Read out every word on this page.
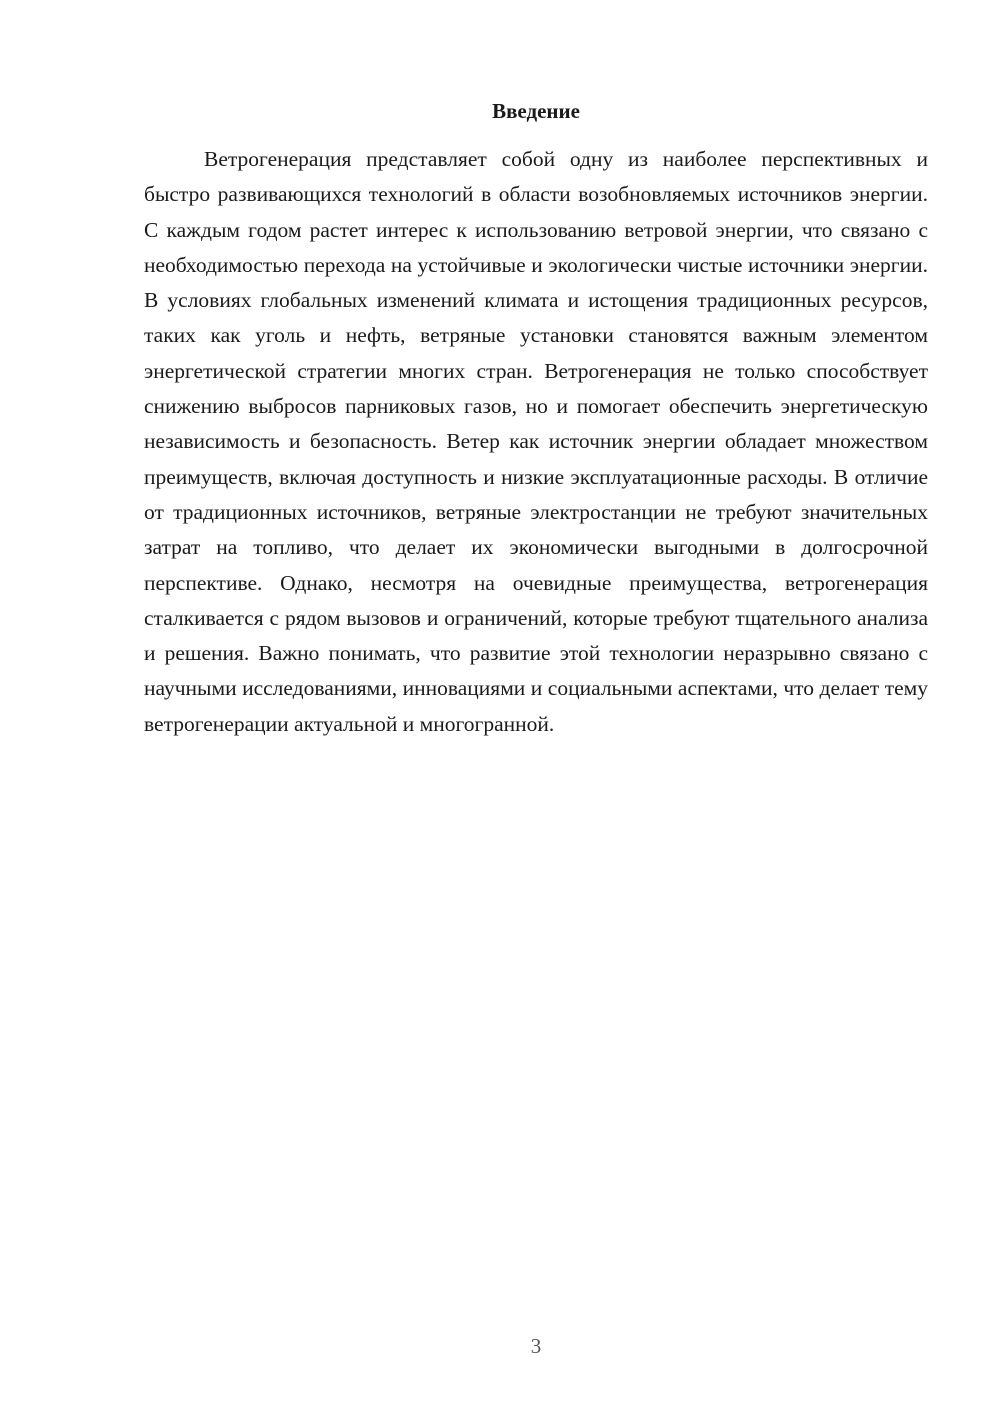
Введение

Ветрогенерация представляет собой одну из наиболее перспективных и быстро развивающихся технологий в области возобновляемых источников энергии. С каждым годом растет интерес к использованию ветровой энергии, что связано с необходимостью перехода на устойчивые и экологически чистые источники энергии. В условиях глобальных изменений климата и истощения традиционных ресурсов, таких как уголь и нефть, ветряные установки становятся важным элементом энергетической стратегии многих стран. Ветрогенерация не только способствует снижению выбросов парниковых газов, но и помогает обеспечить энергетическую независимость и безопасность. Ветер как источник энергии обладает множеством преимуществ, включая доступность и низкие эксплуатационные расходы. В отличие от традиционных источников, ветряные электростанции не требуют значительных затрат на топливо, что делает их экономически выгодными в долгосрочной перспективе. Однако, несмотря на очевидные преимущества, ветрогенерация сталкивается с рядом вызовов и ограничений, которые требуют тщательного анализа и решения. Важно понимать, что развитие этой технологии неразрывно связано с научными исследованиями, инновациями и социальными аспектами, что делает тему ветрогенерации актуальной и многогранной.

3
